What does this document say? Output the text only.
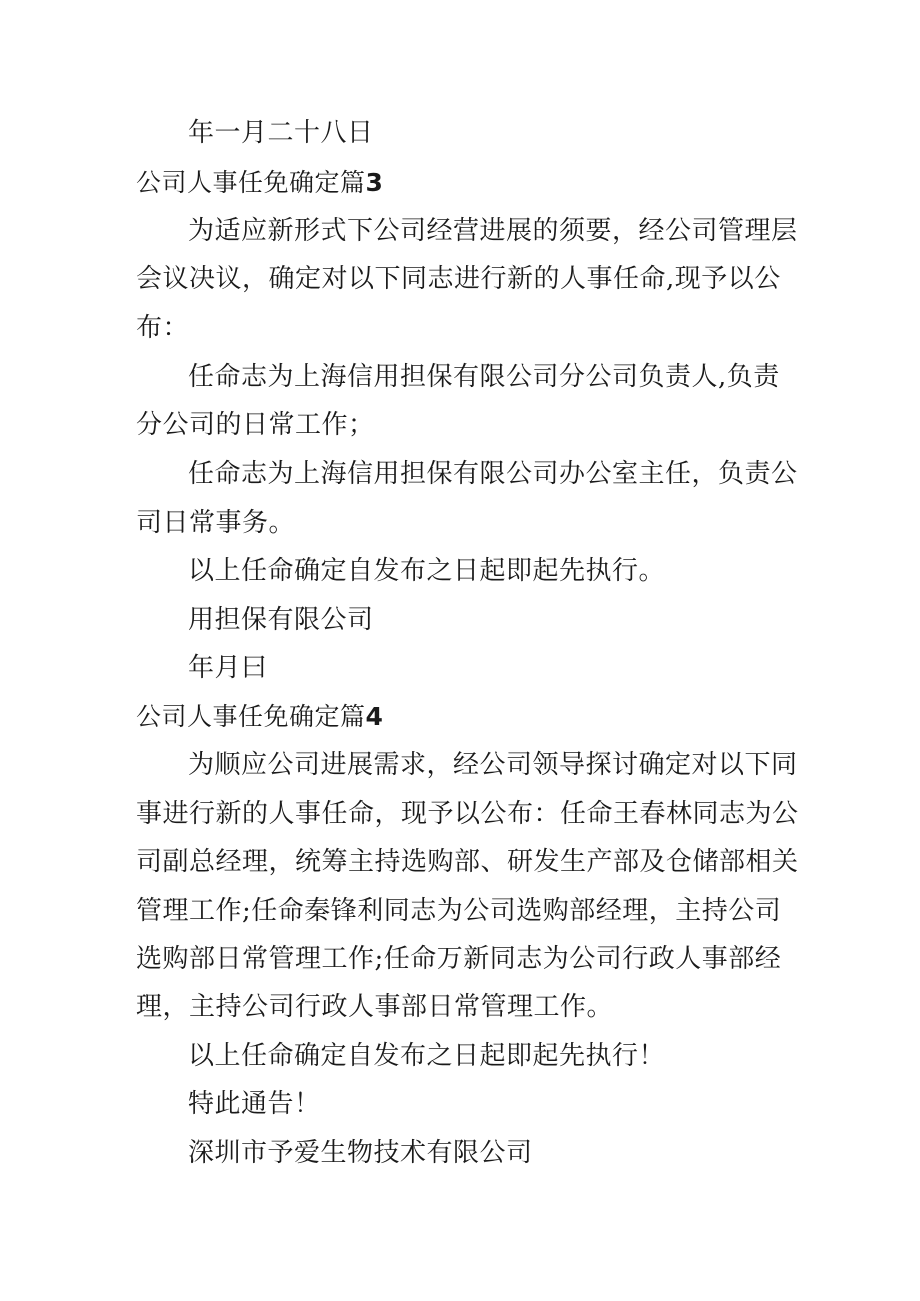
年一月二十八日
公司人事任免确定篇3
为适应新形式下公司经营进展的须要，经公司管理层
会议决议，确定对以下同志进行新的人事任命,现予以公
布：
任命志为上海信用担保有限公司分公司负责人,负责
分公司的日常工作；
任命志为上海信用担保有限公司办公室主任，负责公
司日常事务。
以上任命确定自发布之日起即起先执行。
用担保有限公司
年月曰
公司人事任免确定篇4
为顺应公司进展需求，经公司领导探讨确定对以下同
事进行新的人事任命，现予以公布：任命王春林同志为公
司副总经理，统筹主持选购部、研发生产部及仓储部相关
管理工作;任命秦锋利同志为公司选购部经理，主持公司
选购部日常管理工作;任命万新同志为公司行政人事部经
理，主持公司行政人事部日常管理工作。
以上任命确定自发布之日起即起先执行！
特此通告！
深圳市予爱生物技术有限公司
